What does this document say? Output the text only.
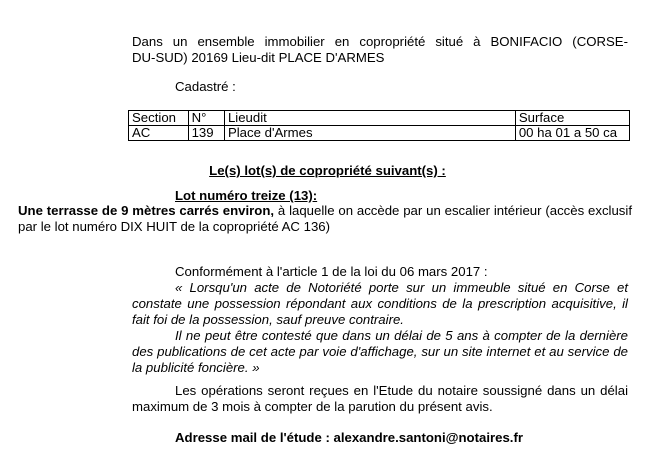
Dans un ensemble immobilier en copropriété situé à BONIFACIO (CORSE-
DU-SUD) 20169 Lieu-dit PLACE D'ARMES
Cadastré :
Section	N°	Lieudit	Surface
AC	139	Place d'Armes	00 ha 01 a 50 ca
Le(s) lot(s) de copropriété suivant(s) :
Lot numéro treize (13):
Une terrasse de 9 mètres carrés environ, à laquelle on accède par un escalier intérieur (accès exclusif par le lot numéro DIX HUIT de la copropriété AC 136)
Conformément à l'article 1 de la loi du 06 mars 2017 :

« Lorsqu'un acte de Notoriété porte sur un immeuble situé en Corse et constate une possession répondant aux conditions de la prescription acquisitive, il fait foi de la possession, sauf preuve contraire.

Il ne peut être contesté que dans un délai de 5 ans à compter de la dernière des publications de cet acte par voie d'affichage, sur un site internet et au service de la publicité foncière. »

Les opérations seront reçues en l'Etude du notaire soussigné dans un délai
maximum de 3 mois à compter de la parution du présent avis.
Adresse mail de l'étude : alexandre.santoni@notaires.fr
